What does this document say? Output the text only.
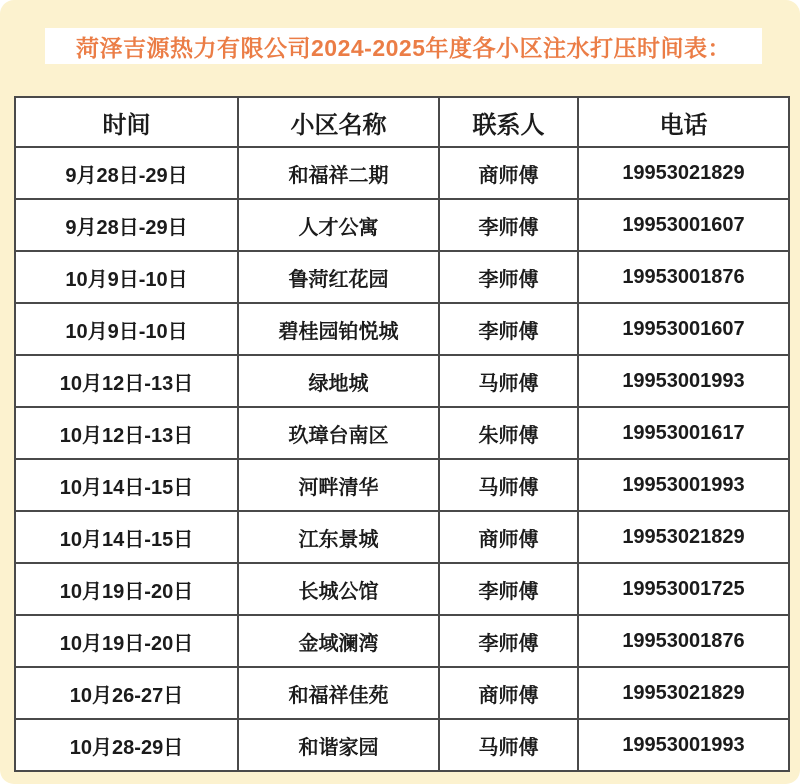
菏泽吉源热力有限公司2024-2025年度各小区注水打压时间表：
时间	小区名称	联系人	电话
9月28日-29日	和福祥二期	商师傅	19953021829
9月28日-29日	人才公寓	李师傅	19953001607
10月9日-10日	鲁菏红花园	李师傅	19953001876
10月9日-10日	碧桂园铂悦城	李师傅	19953001607
10月12日-13日	绿地城	马师傅	19953001993
10月12日-13日	玖璋台南区	朱师傅	19953001617
10月14日-15日	河畔清华	马师傅	19953001993
10月14日-15日	江东景城	商师傅	19953021829
10月19日-20日	长城公馆	李师傅	19953001725
10月19日-20日	金域澜湾	李师傅	19953001876
10月26-27日	和福祥佳苑	商师傅	19953021829
10月28-29日	和谐家园	马师傅	19953001993
